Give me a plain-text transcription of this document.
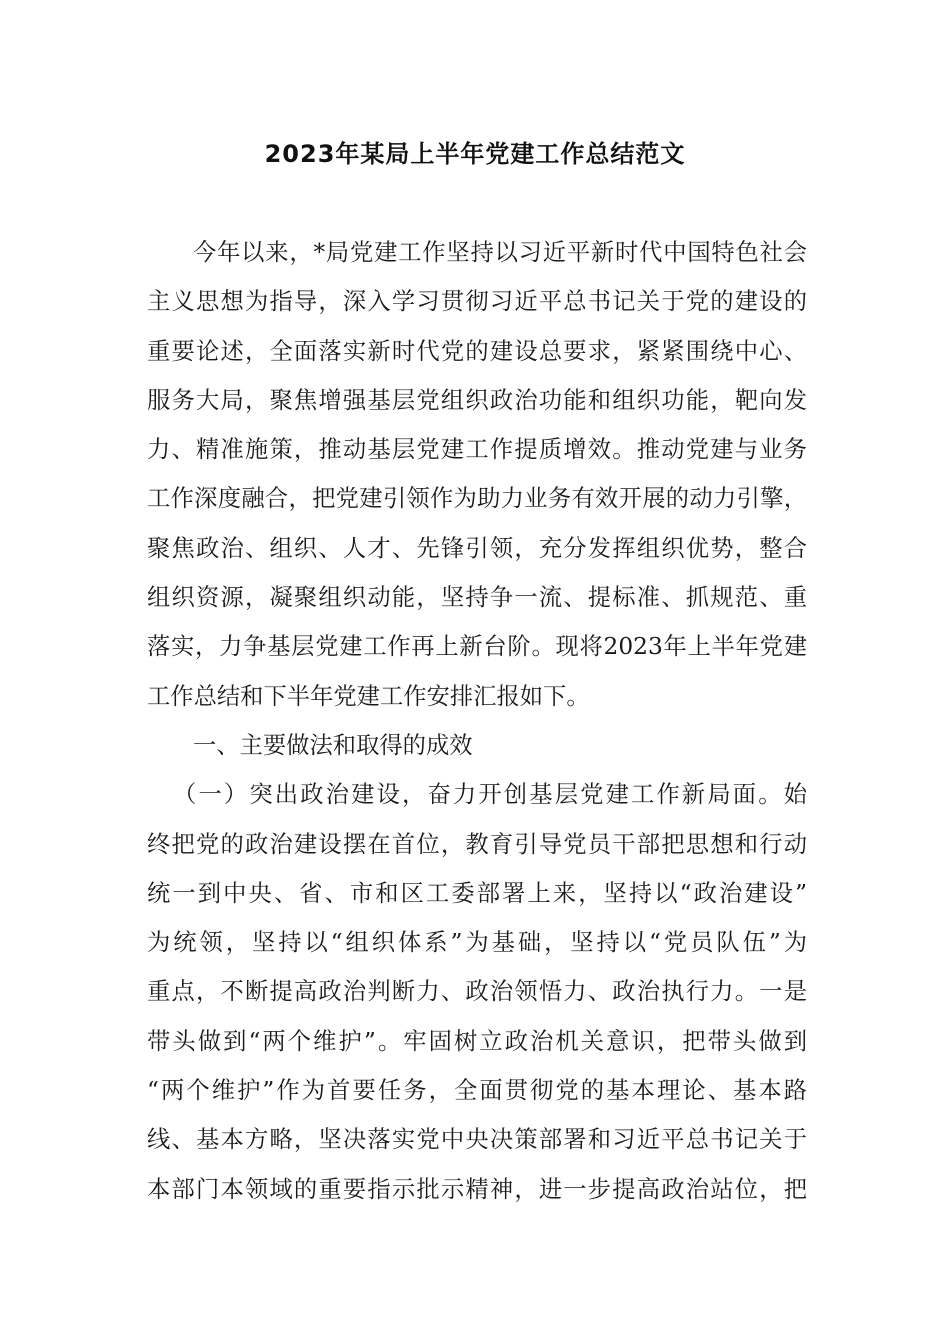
2023年某局上半年党建工作总结范文
今年以来，*局党建工作坚持以习近平新时代中国特色社会
主义思想为指导，深入学习贯彻习近平总书记关于党的建设的
重要论述，全面落实新时代党的建设总要求，紧紧围绕中心、
服务大局，聚焦增强基层党组织政治功能和组织功能，靶向发
力、精准施策，推动基层党建工作提质增效。推动党建与业务
工作深度融合，把党建引领作为助力业务有效开展的动力引擎，
聚焦政治、组织、人才、先锋引领，充分发挥组织优势，整合
组织资源，凝聚组织动能，坚持争一流、提标准、抓规范、重
落实，力争基层党建工作再上新台阶。现将2023年上半年党建
工作总结和下半年党建工作安排汇报如下。
一、主要做法和取得的成效
（一）突出政治建设，奋力开创基层党建工作新局面。始
终把党的政治建设摆在首位，教育引导党员干部把思想和行动
统一到中央、省、市和区工委部署上来，坚持以“政治建设”
为统领，坚持以“组织体系”为基础，坚持以“党员队伍”为
重点，不断提高政治判断力、政治领悟力、政治执行力。一是
带头做到“两个维护”。牢固树立政治机关意识，把带头做到
“两个维护”作为首要任务，全面贯彻党的基本理论、基本路
线、基本方略，坚决落实党中央决策部署和习近平总书记关于
本部门本领域的重要指示批示精神，进一步提高政治站位，把
